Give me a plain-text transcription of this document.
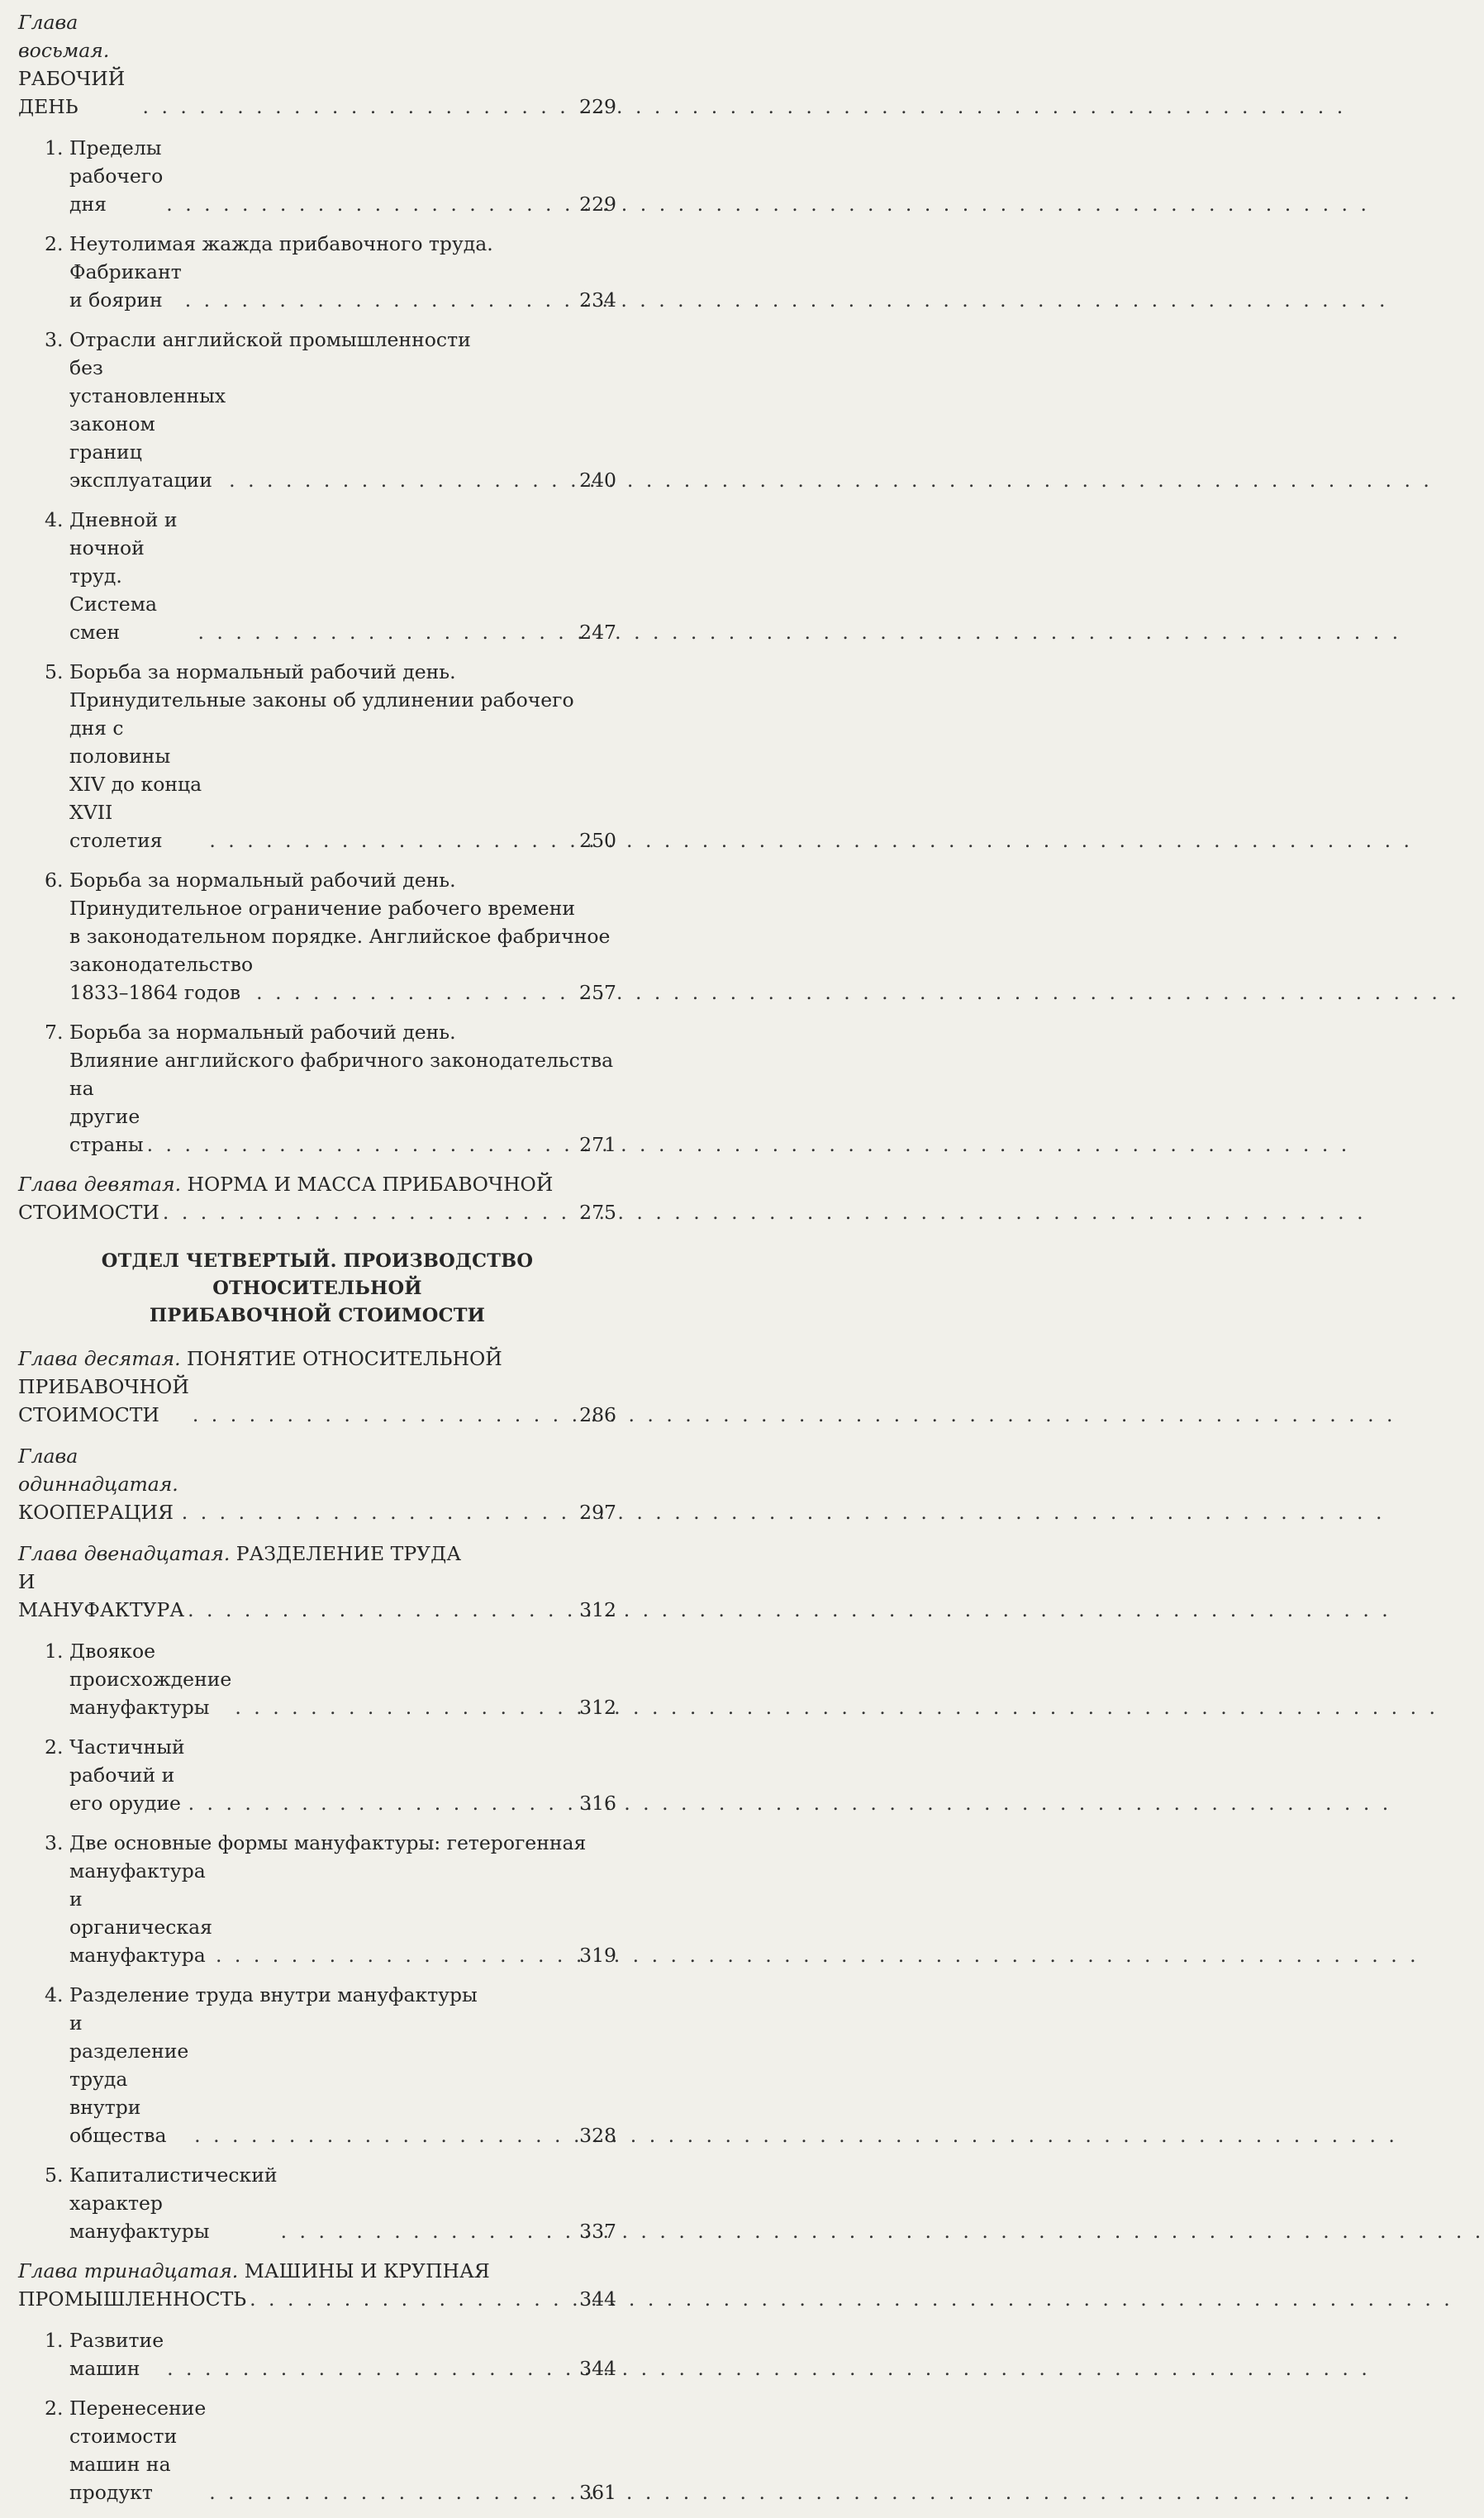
Глава восьмая. РАБОЧИЙ ДЕНЬ . . .	229
1. Пределы рабочего дня . . .	229
2. Неутолимая жажда прибавочного труда.
Фабрикант и боярин . . .	234
3. Отрасли английской промышленности
без установленных законом границ эксплуатации . . .	240
4. Дневной и ночной труд. Система смен . . .	247
5. Борьба за нормальный рабочий день.
Принудительные законы об удлинении рабочего
дня с половины XIV до конца XVII столетия . . .	250
6. Борьба за нормальный рабочий день.
Принудительное ограничение рабочего времени
в законодательном порядке. Английское фабричное
законодательство 1833–1864 годов . . .	257
7. Борьба за нормальный рабочий день.
Влияние английского фабричного законодательства
на другие страны . . .	271
Глава девятая. НОРМА И МАССА ПРИБАВОЧНОЙ
СТОИМОСТИ . . .	275
ОТДЕЛ ЧЕТВЕРТЫЙ. ПРОИЗВОДСТВО ОТНОСИТЕЛЬНОЙ
ПРИБАВОЧНОЙ СТОИМОСТИ
Глава десятая. ПОНЯТИЕ ОТНОСИТЕЛЬНОЙ
ПРИБАВОЧНОЙ СТОИМОСТИ . . .	286
Глава одиннадцатая. КООПЕРАЦИЯ . . .	297
Глава двенадцатая. РАЗДЕЛЕНИЕ ТРУДА
И МАНУФАКТУРА . . .	312
1. Двоякое происхождение мануфактуры . . .	312
2. Частичный рабочий и его орудие . . .	316
3. Две основные формы мануфактуры: гетерогенная
мануфактура и органическая мануфактура . . .	319
4. Разделение труда внутри мануфактуры
и разделение труда внутри общества . . .	328
5. Капиталистический характер мануфактуры . . .	337
Глава тринадцатая. МАШИНЫ И КРУПНАЯ
ПРОМЫШЛЕННОСТЬ . . .	344
1. Развитие машин . . .	344
2. Перенесение стоимости машин на продукт . . .	361
